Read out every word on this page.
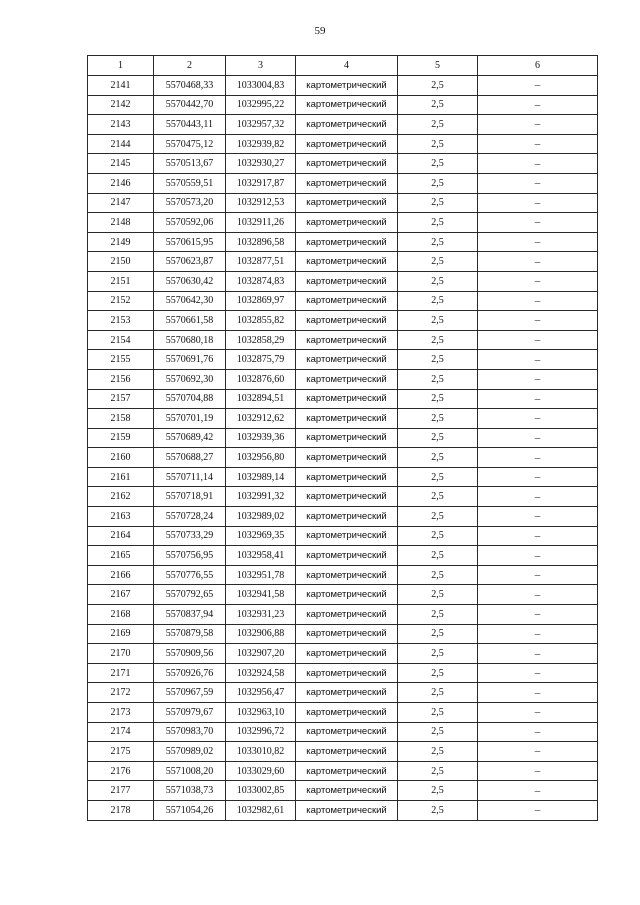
59
1	2	3	4	5	6
2141	5570468,33	1033004,83	картометрический	2,5	–
2142	5570442,70	1032995,22	картометрический	2,5	–
2143	5570443,11	1032957,32	картометрический	2,5	–
2144	5570475,12	1032939,82	картометрический	2,5	–
2145	5570513,67	1032930,27	картометрический	2,5	–
2146	5570559,51	1032917,87	картометрический	2,5	–
2147	5570573,20	1032912,53	картометрический	2,5	–
2148	5570592,06	1032911,26	картометрический	2,5	–
2149	5570615,95	1032896,58	картометрический	2,5	–
2150	5570623,87	1032877,51	картометрический	2,5	–
2151	5570630,42	1032874,83	картометрический	2,5	–
2152	5570642,30	1032869,97	картометрический	2,5	–
2153	5570661,58	1032855,82	картометрический	2,5	–
2154	5570680,18	1032858,29	картометрический	2,5	–
2155	5570691,76	1032875,79	картометрический	2,5	–
2156	5570692,30	1032876,60	картометрический	2,5	–
2157	5570704,88	1032894,51	картометрический	2,5	–
2158	5570701,19	1032912,62	картометрический	2,5	–
2159	5570689,42	1032939,36	картометрический	2,5	–
2160	5570688,27	1032956,80	картометрический	2,5	–
2161	5570711,14	1032989,14	картометрический	2,5	–
2162	5570718,91	1032991,32	картометрический	2,5	–
2163	5570728,24	1032989,02	картометрический	2,5	–
2164	5570733,29	1032969,35	картометрический	2,5	–
2165	5570756,95	1032958,41	картометрический	2,5	–
2166	5570776,55	1032951,78	картометрический	2,5	–
2167	5570792,65	1032941,58	картометрический	2,5	–
2168	5570837,94	1032931,23	картометрический	2,5	–
2169	5570879,58	1032906,88	картометрический	2,5	–
2170	5570909,56	1032907,20	картометрический	2,5	–
2171	5570926,76	1032924,58	картометрический	2,5	–
2172	5570967,59	1032956,47	картометрический	2,5	–
2173	5570979,67	1032963,10	картометрический	2,5	–
2174	5570983,70	1032996,72	картометрический	2,5	–
2175	5570989,02	1033010,82	картометрический	2,5	–
2176	5571008,20	1033029,60	картометрический	2,5	–
2177	5571038,73	1033002,85	картометрический	2,5	–
2178	5571054,26	1032982,61	картометрический	2,5	–
